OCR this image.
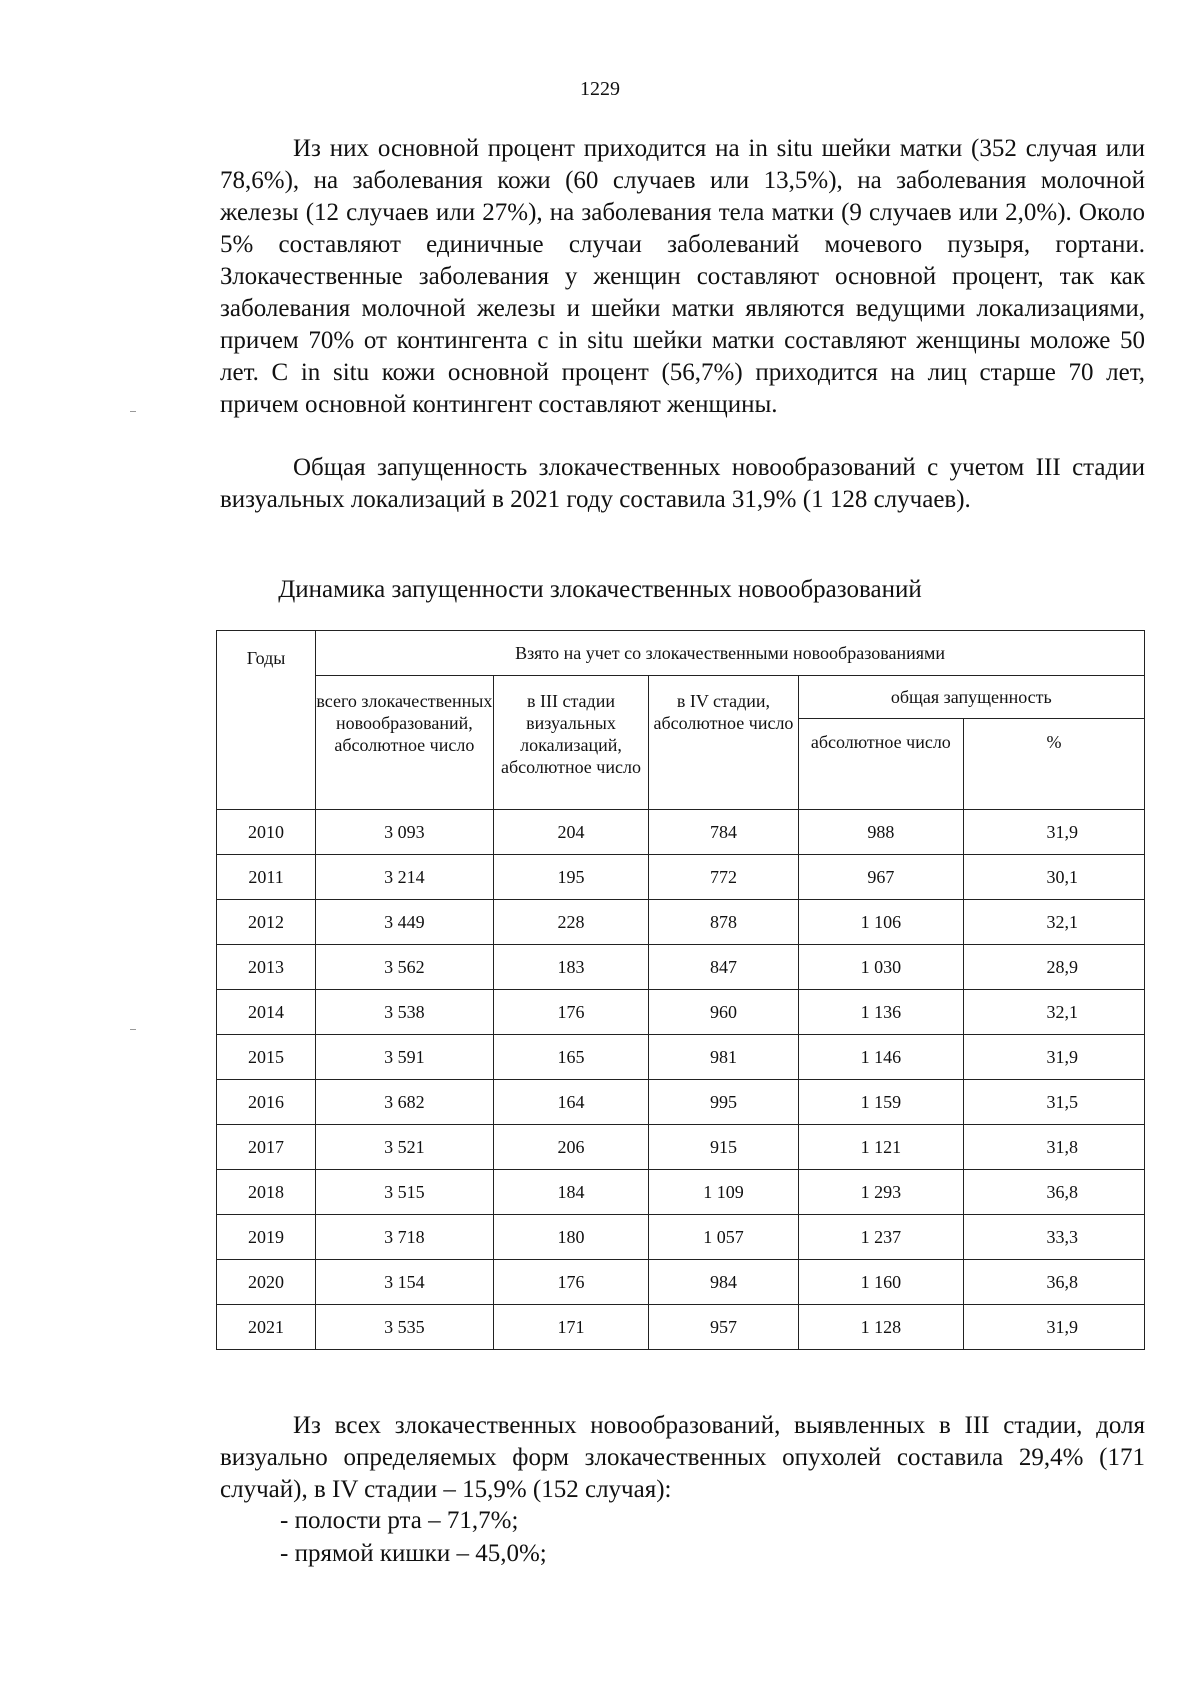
1229

Из них основной процент приходится на in situ шейки матки (352 случая или 78,6%), на заболевания кожи (60 случаев или 13,5%), на заболевания молочной железы (12 случаев или 27%), на заболевания тела матки (9 случаев или 2,0%). Около 5% составляют единичные случаи заболеваний мочевого пузыря, гортани. Злокачественные заболевания у женщин составляют основной процент, так как заболевания молочной железы и шейки матки являются ведущими локализациями, причем 70% от контингента с in situ шейки матки составляют женщины моложе 50 лет. С in situ кожи основной процент (56,7%) приходится на лиц старше 70 лет, причем основной контингент составляют женщины.

Общая запущенность злокачественных новообразований с учетом III стадии визуальных локализаций в 2021 году составила 31,9% (1 128 случаев).

Динамика запущенности злокачественных новообразований
Годы	Взято на учет со злокачественными новообразованиями				
	всего злокачественных новообразований, абсолютное число	в III стадии визуальных локализаций, абсолютное число	в IV стадии, абсолютное число	общая запущенность	
				абсолютное число	%
2010	3 093	204	784	988	31,9
2011	3 214	195	772	967	30,1
2012	3 449	228	878	1 106	32,1
2013	3 562	183	847	1 030	28,9
2014	3 538	176	960	1 136	32,1
2015	3 591	165	981	1 146	31,9
2016	3 682	164	995	1 159	31,5
2017	3 521	206	915	1 121	31,8
2018	3 515	184	1 109	1 293	36,8
2019	3 718	180	1 057	1 237	33,3
2020	3 154	176	984	1 160	36,8
2021	3 535	171	957	1 128	31,9

Из всех злокачественных новообразований, выявленных в III стадии, доля визуально определяемых форм злокачественных опухолей составила 29,4% (171 случай), в IV стадии – 15,9% (152 случая):

- полости рта – 71,7%;
- прямой кишки – 45,0%;
